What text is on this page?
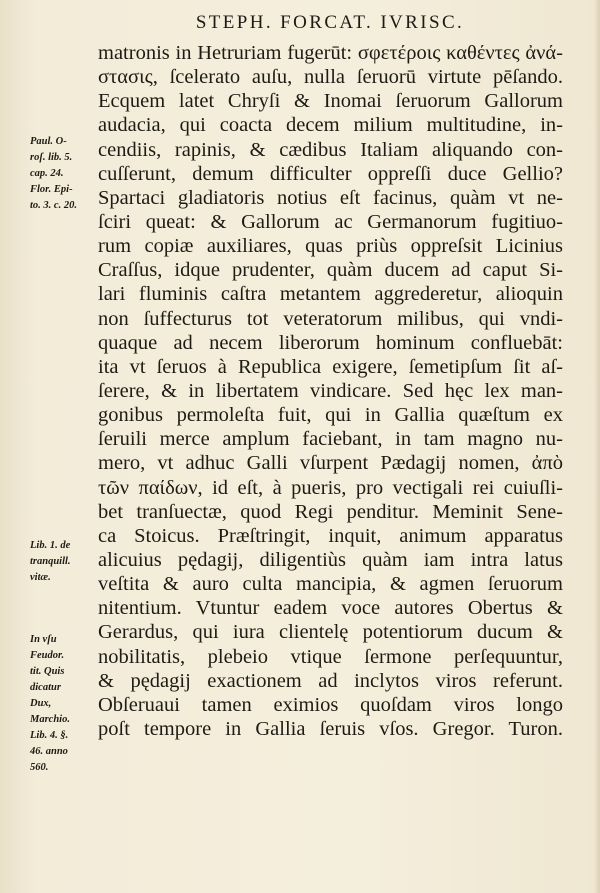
STEPH. FORCAT. IVRISC.
Paul. O-
roſ. lib. 5.
cap. 24.
Flor. Epi-
to. 3. c. 20.
Lib. 1. de
tranquill.
vitæ.
In vſu
Feudor.
tit. Quis
dicatur
Dux,
Marchio.
Lib. 4. §.
46. anno
560.
matronis in Hetruriam fugerūt: σφετέροις καθέντες ἀνά-
στασις, ſcelerato auſu, nulla ſeruorū virtute pēſando.
Ecquem latet Chryſi & Inomai ſeruorum Gallorum
audacia, qui coacta decem milium multitudine, in-
cendiis, rapinis, & cædibus Italiam aliquando con-
cuſſerunt, demum difficulter oppreſſi duce Gellio?
Spartaci gladiatoris notius eſt facinus, quàm vt ne-
ſciri queat: & Gallorum ac Germanorum fugitiuo-
rum copiæ auxiliares, quas priùs oppreſsit Licinius
Craſſus, idque prudenter, quàm ducem ad caput Si-
lari fluminis caſtra metantem aggrederetur, alioquin
non ſuffecturus tot veteratorum milibus, qui vndi-
quaque ad necem liberorum hominum confluebāt:
ita vt ſeruos à Republica exigere, ſemetipſum ſit aſ-
ſerere, & in libertatem vindicare. Sed hęc lex man-
gonibus permoleſta fuit, qui in Gallia quæſtum ex
ſeruili merce amplum faciebant, in tam magno nu-
mero, vt adhuc Galli vſurpent Pædagij nomen, ἀπὸ
τῶν παίδων, id eſt, à pueris, pro vectigali rei cuiuſli-
bet tranſuectæ, quod Regi penditur. Meminit Sene-
ca Stoicus. Præſtringit, inquit, animum apparatus
alicuius pędagij, diligentiùs quàm iam intra latus
veſtita & auro culta mancipia, & agmen ſeruorum
nitentium. Vtuntur eadem voce autores Obertus &
Gerardus, qui iura clientelę potentiorum ducum &
nobilitatis, plebeio vtique ſermone perſequuntur,
& pędagij exactionem ad inclytos viros referunt.
Obſeruaui tamen eximios quoſdam viros longo
poſt tempore in Gallia ſeruis vſos. Gregor. Turon.
